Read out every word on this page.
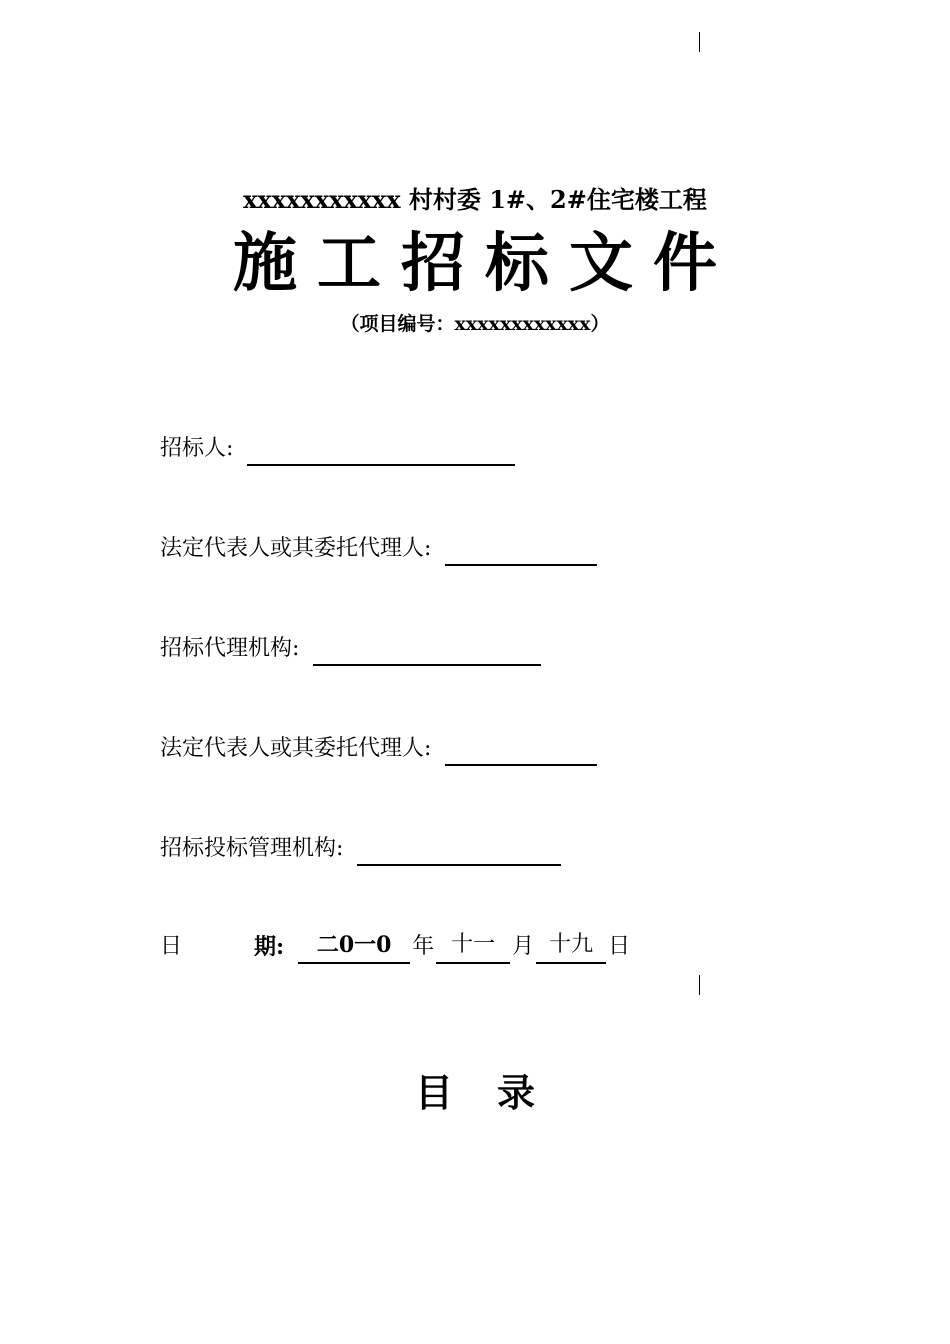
xxxxxxxxxxx 村村委 1#、2#住宅楼工程
施工招标文件
（项目编号：xxxxxxxxxxxx）
招标人:
法定代表人或其委托代理人:
招标代理机构:
法定代表人或其委托代理人:
招标投标管理机构:
日	期:	二0一0 年 十一 月 十九 日
目录
